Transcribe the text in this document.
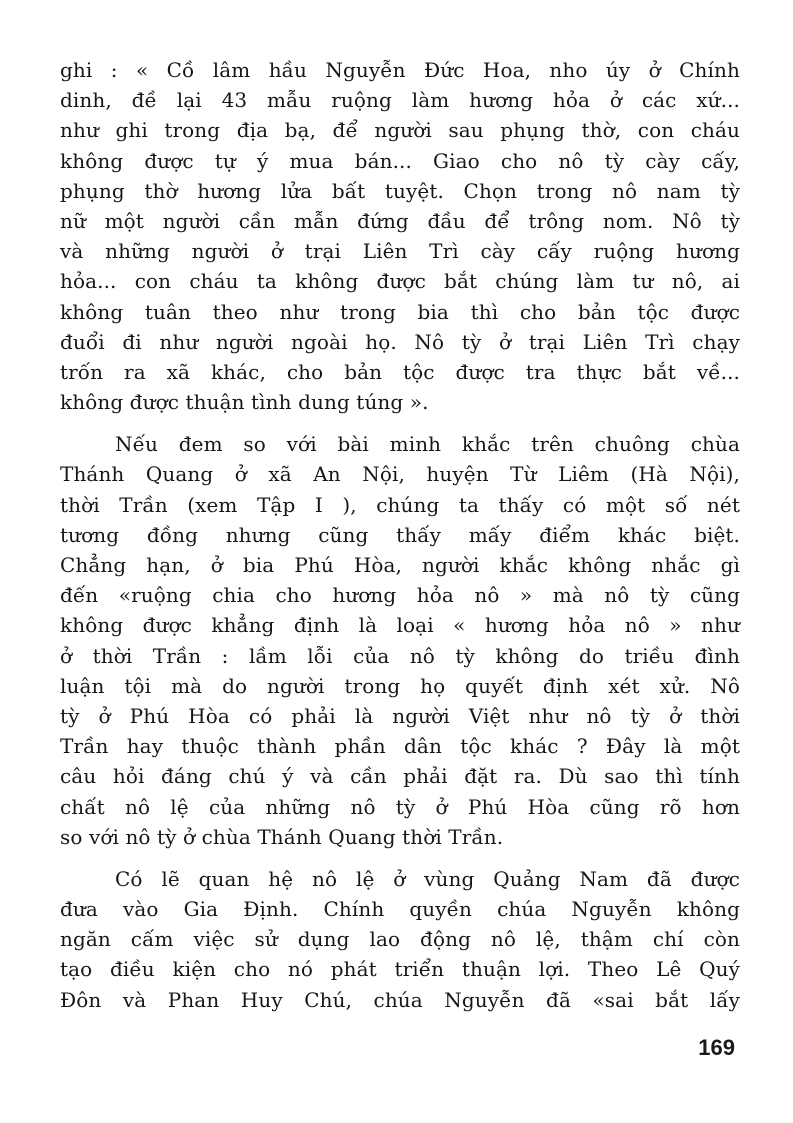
ghi : « Cồ lâm hầu Nguyễn Đức Hoa, nho úy ở Chính
dinh, đề lại 43 mẫu ruộng làm hương hỏa ở các xứ...
như ghi trong địa bạ, để người sau phụng thờ, con cháu
không được tự ý mua bán... Giao cho nô tỳ cày cấy,
phụng thờ hương lửa bất tuyệt. Chọn trong nô nam tỳ
nữ một người cần mẫn đứng đầu để trông nom. Nô tỳ
và những người ở trại Liên Trì cày cấy ruộng hương
hỏa... con cháu ta không được bắt chúng làm tư nô, ai
không tuân theo như trong bia thì cho bản tộc được
đuổi đi như người ngoài họ. Nô tỳ ở trại Liên Trì chạy
trốn ra xã khác, cho bản tộc được tra thực bắt về...
không được thuận tình dung túng ».
Nếu đem so với bài minh khắc trên chuông chùa
Thánh Quang ở xã An Nội, huyện Từ Liêm (Hà Nội),
thời Trần (xem Tập I ), chúng ta thấy có một số nét
tương đồng nhưng cũng thấy mấy điểm khác biệt.
Chẳng hạn, ở bia Phú Hòa, người khắc không nhắc gì
đến «ruộng chia cho hương hỏa nô » mà nô tỳ cũng
không được khẳng định là loại « hương hỏa nô » như
ở thời Trần : lầm lỗi của nô tỳ không do triều đình
luận tội mà do người trong họ quyết định xét xử. Nô
tỳ ở Phú Hòa có phải là người Việt như nô tỳ ở thời
Trần hay thuộc thành phần dân tộc khác ? Đây là một
câu hỏi đáng chú ý và cần phải đặt ra. Dù sao thì tính
chất nô lệ của những nô tỳ ở Phú Hòa cũng rõ hơn
so với nô tỳ ở chùa Thánh Quang thời Trần.
Có lẽ quan hệ nô lệ ở vùng Quảng Nam đã được
đưa vào Gia Định. Chính quyền chúa Nguyễn không
ngăn cấm việc sử dụng lao động nô lệ, thậm chí còn
tạo điều kiện cho nó phát triển thuận lợi. Theo Lê Quý
Đôn và Phan Huy Chú, chúa Nguyễn đã «sai bắt lấy
169
